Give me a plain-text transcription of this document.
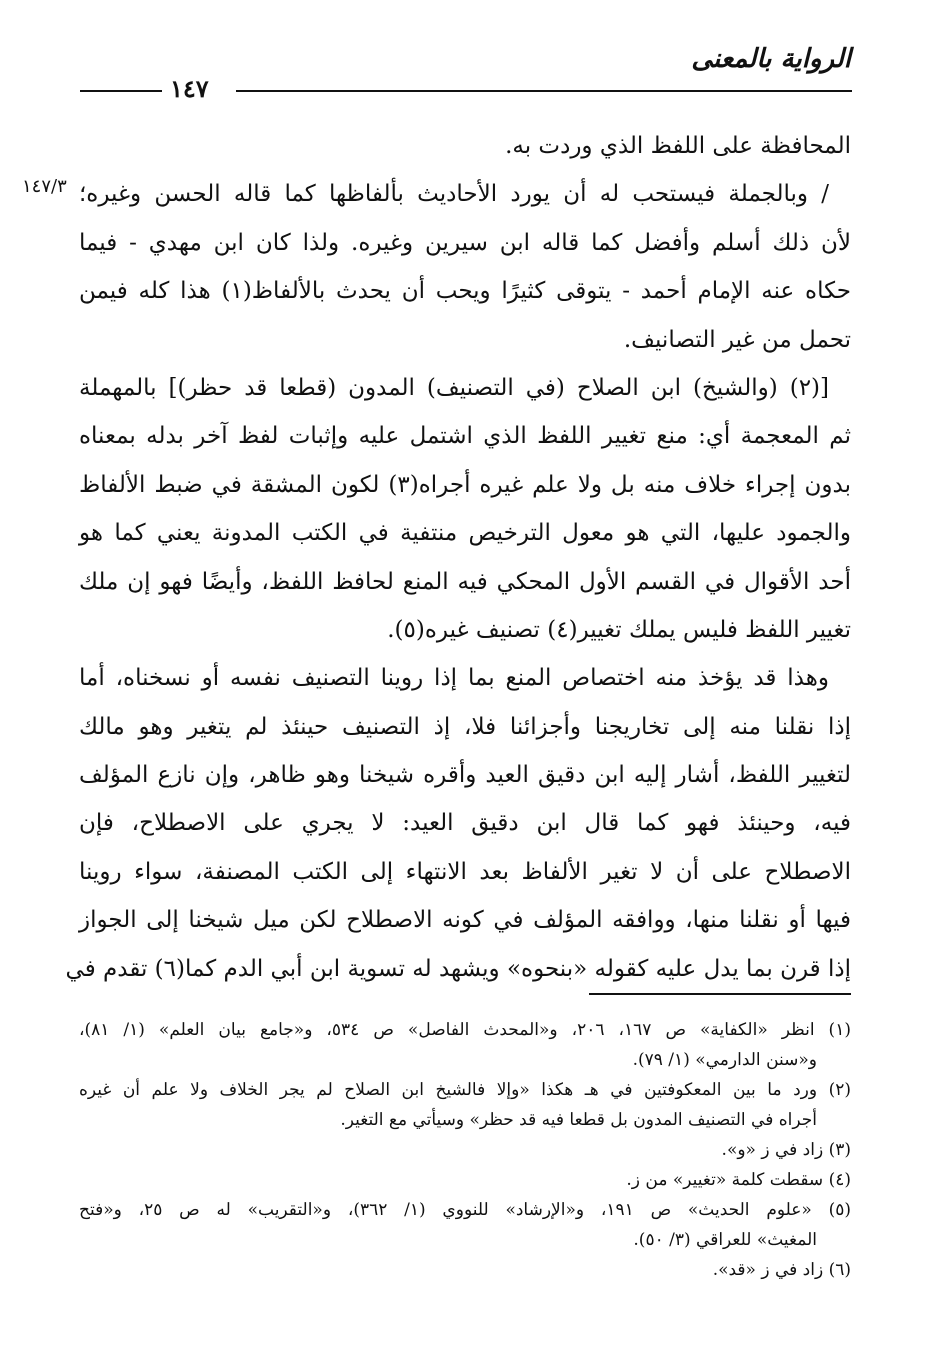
الرواية بالمعنى
١٤٧
١٤٧/٣
المحافظة على اللفظ الذي وردت به.
/ وبالجملة فيستحب له أن يورد الأحاديث بألفاظها كما قاله الحسن وغيره؛
لأن ذلك أسلم وأفضل كما قاله ابن سيرين وغيره. ولذا كان ابن مهدي - فيما
حكاه عنه الإمام أحمد - يتوقى كثيرًا ويحب أن يحدث بالألفاظ(١) هذا كله فيمن
تحمل من غير التصانيف.
[(٢) (والشيخ) ابن الصلاح (في التصنيف) المدون (قطعا قد حظر)] بالمهملة
ثم المعجمة أي: منع تغيير اللفظ الذي اشتمل عليه وإثبات لفظ آخر بدله بمعناه
بدون إجراء خلاف منه بل ولا علم غيره أجراه(٣) لكون المشقة في ضبط الألفاظ
والجمود عليها، التي هو معول الترخيص منتفية في الكتب المدونة يعني كما هو
أحد الأقوال في القسم الأول المحكي فيه المنع لحافظ اللفظ، وأيضًا فهو إن ملك
تغيير اللفظ فليس يملك تغيير(٤) تصنيف غيره(٥).
وهذا قد يؤخذ منه اختصاص المنع بما إذا روينا التصنيف نفسه أو نسخناه، أما
إذا نقلنا منه إلى تخاريجنا وأجزائنا فلا، إذ التصنيف حينئذ لم يتغير وهو مالك
لتغيير اللفظ، أشار إليه ابن دقيق العيد وأقره شيخنا وهو ظاهر، وإن نازع المؤلف
فيه، وحينئذ فهو كما قال ابن دقيق العيد: لا يجري على الاصطلاح، فإن
الاصطلاح على أن لا تغير الألفاظ بعد الانتهاء إلى الكتب المصنفة، سواء روينا
فيها أو نقلنا منها، ووافقه المؤلف في كونه الاصطلاح لكن ميل شيخنا إلى الجواز
إذا قرن بما يدل عليه كقوله «بنحوه» ويشهد له تسوية ابن أبي الدم كما(٦) تقدم في
(١) انظر «الكفاية» ص ١٦٧، ٢٠٦، و«المحدث الفاصل» ص ٥٣٤، و«جامع بيان العلم» (١/ ٨١)،
و«سنن الدارمي» (١/ ٧٩).
(٢) ورد ما بين المعكوفتين في هـ هكذا «وإلا فالشيخ ابن الصلاح لم يجر الخلاف ولا علم أن غيره
أجراه في التصنيف المدون بل قطعا فيه قد حظر» وسيأتي مع التغير.
(٣) زاد في ز «و».
(٤) سقطت كلمة «تغيير» من ز.
(٥) «علوم الحديث» ص ١٩١، و«الإرشاد» للنووي (١/ ٣٦٢)، و«التقريب» له ص ٢٥، و«فتح
المغيث» للعراقي (٣/ ٥٠).
(٦) زاد في ز «قد».
